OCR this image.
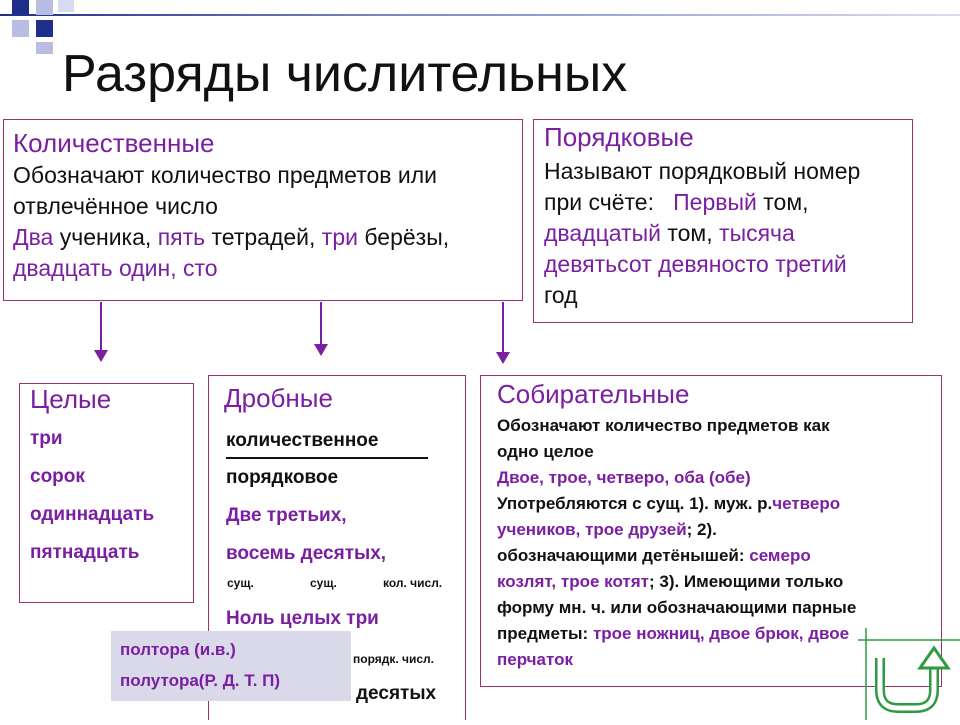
Разряды числительных
Количественные
Обозначают количество предметов или
отвлечённое число
Два ученика, пять тетрадей, три берёзы,
двадцать один, сто
Порядковые
Называют порядковый номер
при счёте: Первый том,
двадцатый том, тысяча
девятьсот девяносто третий
год
Целые
три
сорок
одиннадцать
пятнадцать
Дробные
количественное
порядковое
Две третьих,
восемь десятых,
сущ.	сущ.	кол. числ.
Ноль целых три
порядк. числ.
десятых
полтора (и.в.)
полутора(Р. Д. Т. П)
Собирательные
Обозначают количество предметов как
одно целое
Двое, трое, четверо, оба (обе)
Употребляются с сущ. 1). муж. р.четверо
учеников, трое друзей; 2).
обозначающими детёнышей: семеро
козлят, трое котят; 3). Имеющими только
форму мн. ч. или обозначающими парные
предметы: трое ножниц, двое брюк, двое
перчаток
